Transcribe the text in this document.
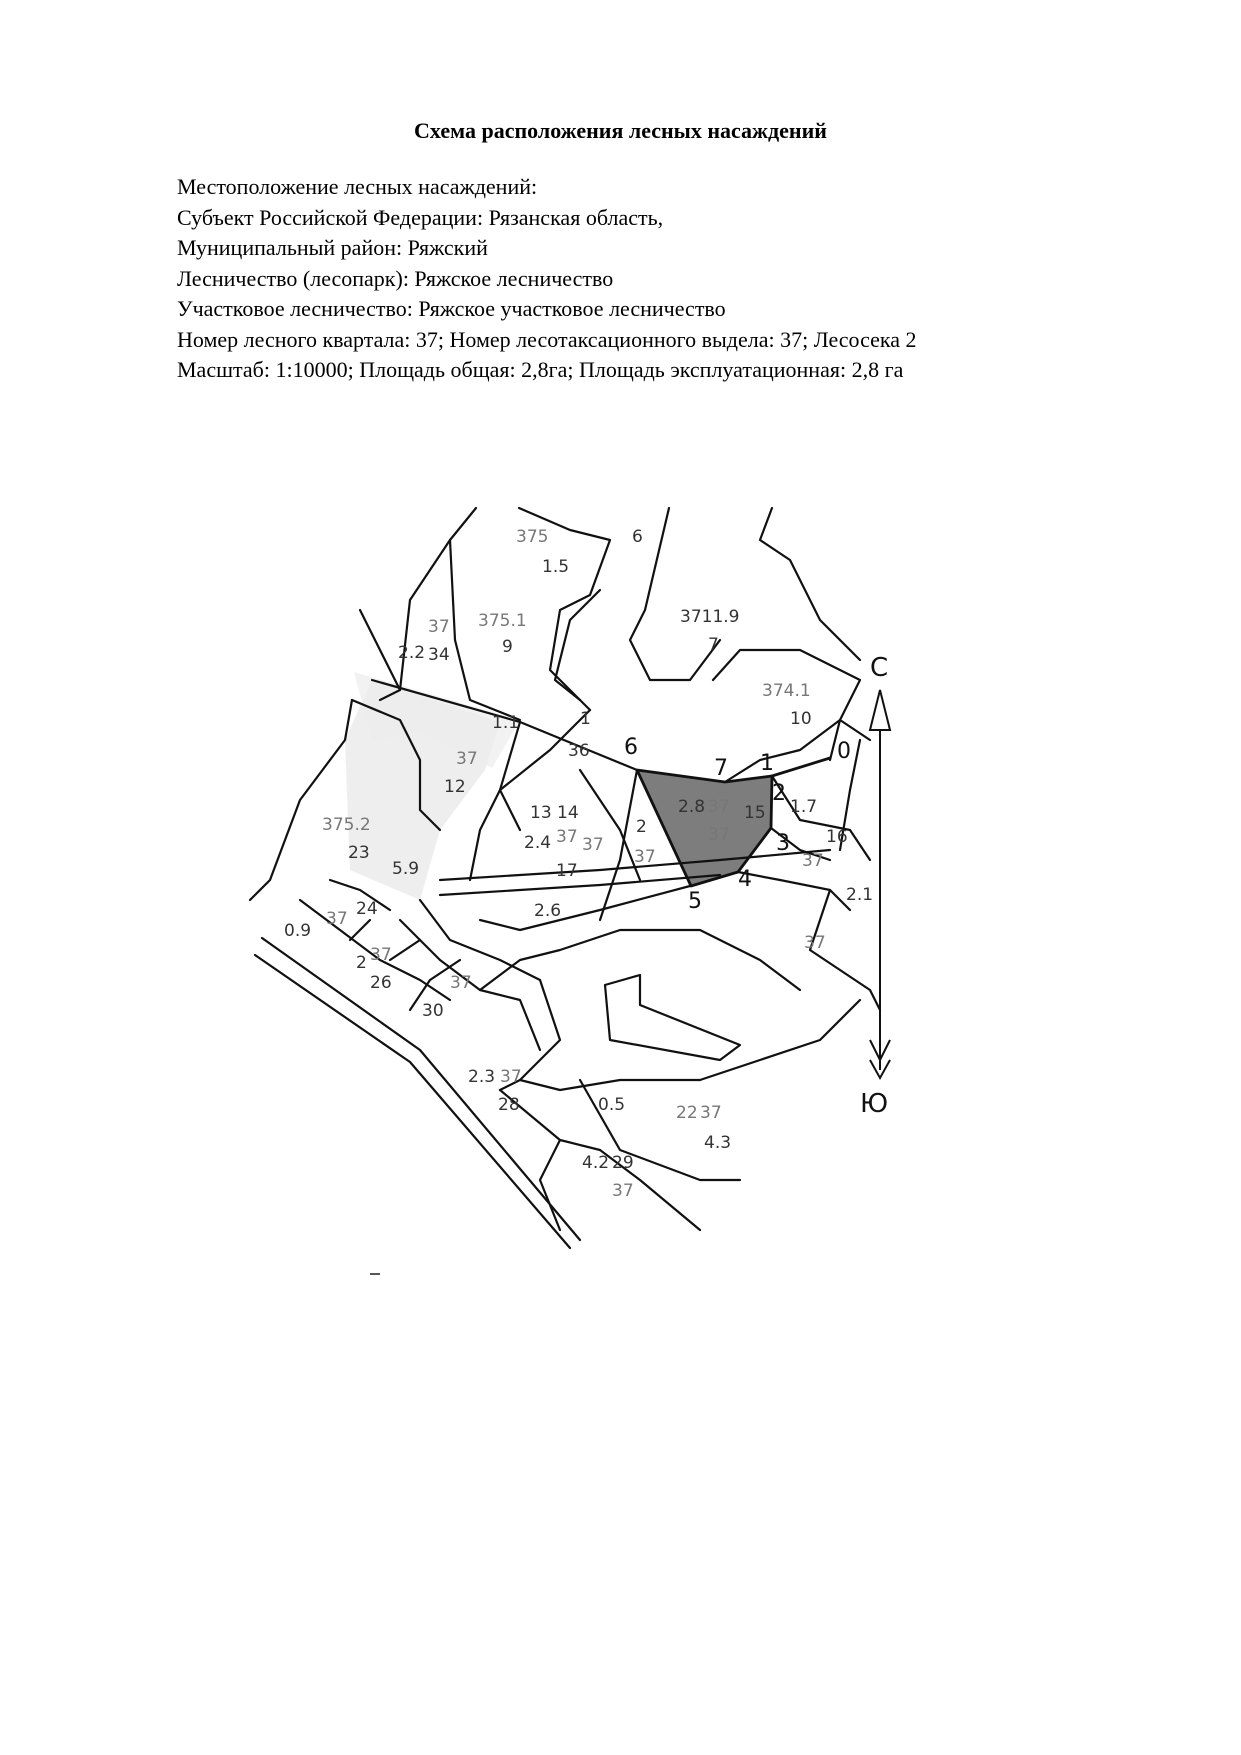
Схема расположения лесных насаждений
Местоположение лесных насаждений:
Субъект Российской Федерации: Рязанская область,
Муниципальный район: Ряжский
Лесничество (лесопарк): Ряжское лесничество
Участковое лесничество: Ряжское участковое лесничество
Номер лесного квартала: 37; Номер лесотаксационного выдела: 37; Лесосека 2
Масштаб: 1:10000; Площадь общая: 2,8га; Площадь эксплуатационная: 2,8 га
С
Ю
0
1
2
3
4
5
6
7
375
1.5
6
37
2.2 34
375.1
9
3711.9
7
374.1
10
1
36
1.1
37
12
13 14
2.4 37 37
17
2
37
2.8 37 15
37
1.7
16
37
375.2
23
5.9
0.9
37 24	2.6
2.1
37
2 37
26	37
30
2.3 37
28	0.5	22 37
4.3
4.2 29
37
